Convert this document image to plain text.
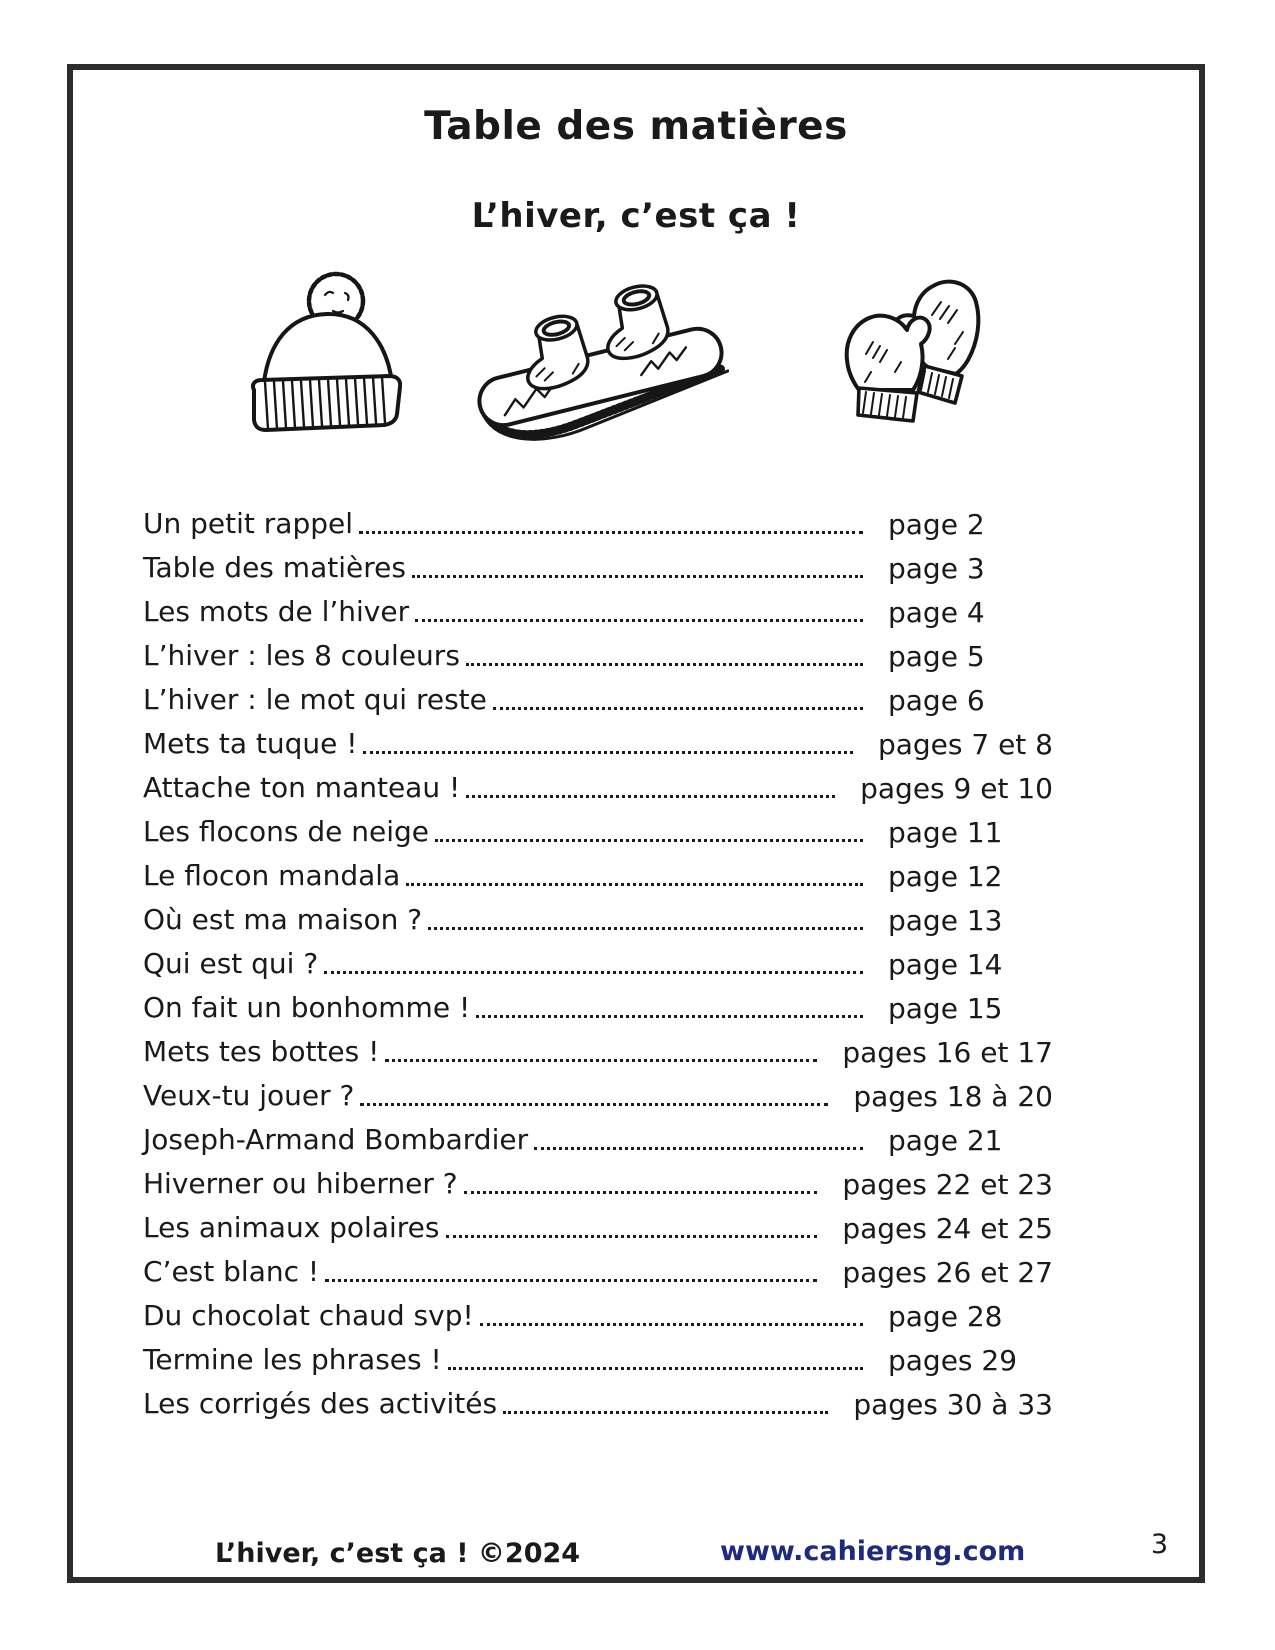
Table des matières
L’hiver, c’est ça !
Un petit rappel	page 2
Table des matières	page 3
Les mots de l’hiver	page 4
L’hiver : les 8 couleurs	page 5
L’hiver : le mot qui reste	page 6
Mets ta tuque !	pages 7 et 8
Attache ton manteau !	pages 9 et 10
Les flocons de neige	page 11
Le flocon mandala	page 12
Où est ma maison ?	page 13
Qui est qui ?	page 14
On fait un bonhomme !	page 15
Mets tes bottes !	pages 16 et 17
Veux-tu jouer ?	pages 18 à 20
Joseph-Armand Bombardier	page 21
Hiverner ou hiberner ?	pages 22 et 23
Les animaux polaires	pages 24 et 25
C’est blanc !	pages 26 et 27
Du chocolat chaud svp!	page 28
Termine les phrases !	pages 29
Les corrigés des activités	pages 30 à 33
L’hiver, c’est ça ! ©2024	www.cahiersng.com	3
